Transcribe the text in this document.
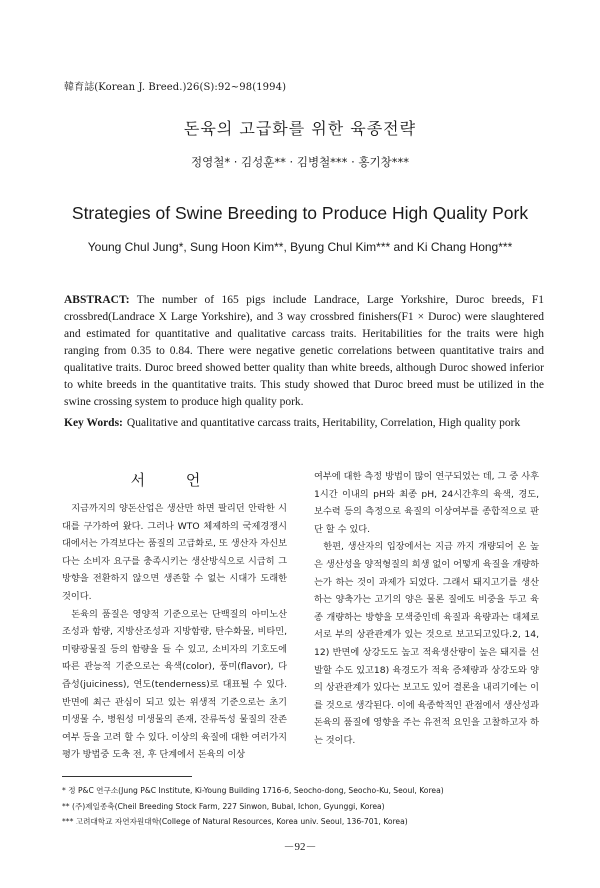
韓育誌(Korean J. Breed.)26(S):92~98(1994)
돈육의 고급화를 위한 육종전략
정영철* · 김성훈** · 김병철*** · 홍기창***
Strategies of Swine Breeding to Produce High Quality Pork
Young Chul Jung*, Sung Hoon Kim**, Byung Chul Kim*** and Ki Chang Hong***
ABSTRACT: The number of 165 pigs include Landrace, Large Yorkshire, Duroc breeds, F1 crossbred(Landrace X Large Yorkshire), and 3 way crossbred finishers(F1 × Duroc) were slaughtered and estimated for quantitative and qualitative carcass traits. Heritabilities for the traits were high ranging from 0.35 to 0.84. There were negative genetic correlations between quantitative trairs and qualitative traits. Duroc breed showed better quality than white breeds, although Duroc showed inferior to white breeds in the quantitative traits. This study showed that Duroc breed must be utilized in the swine crossing system to produce high quality pork.
Key Words: Qualitative and quantitative carcass traits, Heritability, Correlation, High quality pork
서 언

지금까지의 양돈산업은 생산만 하면 팔리던 안락한 시대를 구가하여 왔다. 그러나 WTO 체제하의 국제경쟁시대에서는 가격보다는 품질의 고급화로, 또 생산자 자신보다는 소비자 요구를 충족시키는 생산방식으로 시급히 그 방향을 전환하지 않으면 생존할 수 없는 시대가 도래한 것이다.

돈육의 품질은 영양적 기준으로는 단백질의 아미노산 조성과 함량, 지방산조성과 지방함량, 탄수화물, 비타민, 미량광물질 등의 함량을 들 수 있고, 소비자의 기호도에 따른 관능적 기준으로는 육색(color), 풍미(flavor), 다즙성(juiciness), 연도(tenderness)로 대표될 수 있다. 반면에 최근 관심이 되고 있는 위생적 기준으로는 초기 미생물 수, 병원성 미생물의 존재, 잔류독성 물질의 잔존 여부 등을 고려 할 수 있다. 이상의 육질에 대한 여러가지 평가 방법중 도축 전, 후 단계에서 돈육의 이상

여부에 대한 측정 방법이 많이 연구되었는 데, 그 중 사후 1시간 이내의 pH와 최종 pH, 24시간후의 육색, 경도, 보수력 등의 측정으로 육질의 이상여부를 종합적으로 판단 할 수 있다.

한편, 생산자의 입장에서는 지금 까지 개량되어 온 높은 생산성을 양적형질의 희생 없이 어떻게 육질을 개량하는가 하는 것이 과제가 되었다. 그래서 돼지고기를 생산하는 양축가는 고기의 양은 물론 질에도 비중을 두고 육종 개량하는 방향을 모색중인데 육질과 육량과는 대체로 서로 부의 상관관계가 있는 것으로 보고되고있다.2, 14, 12) 반면에 상강도도 높고 적육생산량이 높은 돼지를 선발할 수도 있고18) 육경도가 적육 증체량과 상강도와 양의 상관관계가 있다는 보고도 있어 결론을 내리기에는 이를 것으로 생각된다. 이에 육종학적인 관점에서 생산성과 돈육의 품질에 영향을 주는 유전적 요인을 고찰하고자 하는 것이다.

* 정 P&C 연구소(Jung P&C Institute, Ki-Young Building 1716-6, Seocho-dong, Seocho-Ku, Seoul, Korea)
** (주)제일종축(Cheil Breeding Stock Farm, 227 Sinwon, Bubal, Ichon, Gyunggi, Korea)
*** 고려대학교 자연자원대학(College of Natural Resources, Korea univ. Seoul, 136-701, Korea)
－92－
